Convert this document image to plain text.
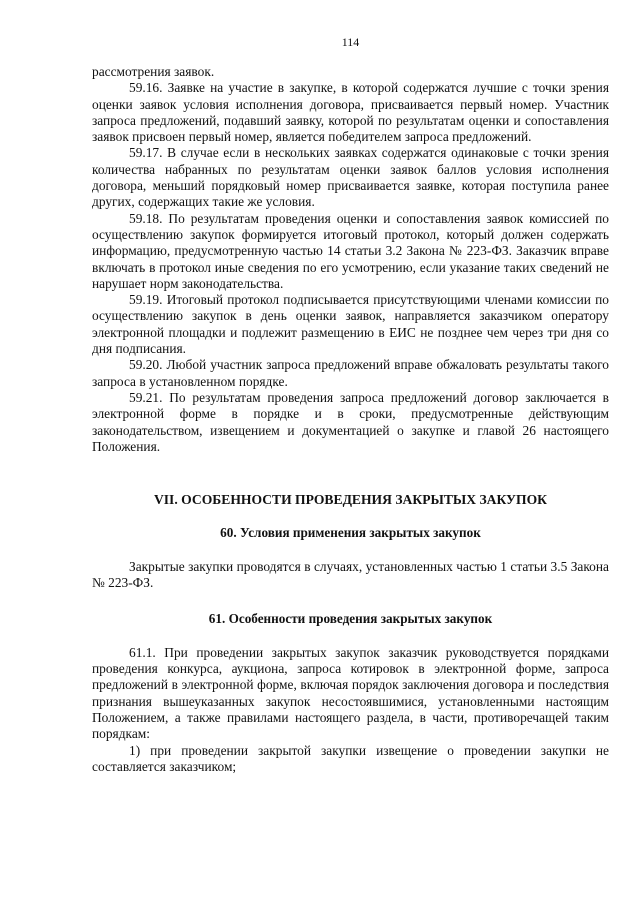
114

рассмотрения заявок.

59.16. Заявке на участие в закупке, в которой содержатся лучшие с точки зрения оценки заявок условия исполнения договора, присваивается первый номер. Участник запроса предложений, подавший заявку, которой по результатам оценки и сопоставления заявок присвоен первый номер, является победителем запроса предложений.

59.17. В случае если в нескольких заявках содержатся одинаковые с точки зрения количества набранных по результатам оценки заявок баллов условия исполнения договора, меньший порядковый номер присваивается заявке, которая поступила ранее других, содержащих такие же условия.

59.18. По результатам проведения оценки и сопоставления заявок комиссией по осуществлению закупок формируется итоговый протокол, который должен содержать информацию, предусмотренную частью 14 статьи 3.2 Закона № 223-ФЗ. Заказчик вправе включать в протокол иные сведения по его усмотрению, если указание таких сведений не нарушает норм законодательства.

59.19. Итоговый протокол подписывается присутствующими членами комиссии по осуществлению закупок в день оценки заявок, направляется заказчиком оператору электронной площадки и подлежит размещению в ЕИС не позднее чем через три дня со дня подписания.

59.20. Любой участник запроса предложений вправе обжаловать результаты такого запроса в установленном порядке.

59.21. По результатам проведения запроса предложений договор заключается в электронной форме в порядке и в сроки, предусмотренные действующим законодательством, извещением и документацией о закупке и главой 26 настоящего Положения.

VII. ОСОБЕННОСТИ ПРОВЕДЕНИЯ ЗАКРЫТЫХ ЗАКУПОК
60. Условия применения закрытых закупок

Закрытые закупки проводятся в случаях, установленных частью 1 статьи 3.5 Закона № 223-ФЗ.

61. Особенности проведения закрытых закупок

61.1. При проведении закрытых закупок заказчик руководствуется порядками проведения конкурса, аукциона, запроса котировок в электронной форме, запроса предложений в электронной форме, включая порядок заключения договора и последствия признания вышеуказанных закупок несостоявшимися, установленными настоящим Положением, а также правилами настоящего раздела, в части, противоречащей таким порядкам:

1) при проведении закрытой закупки извещение о проведении закупки не составляется заказчиком;
